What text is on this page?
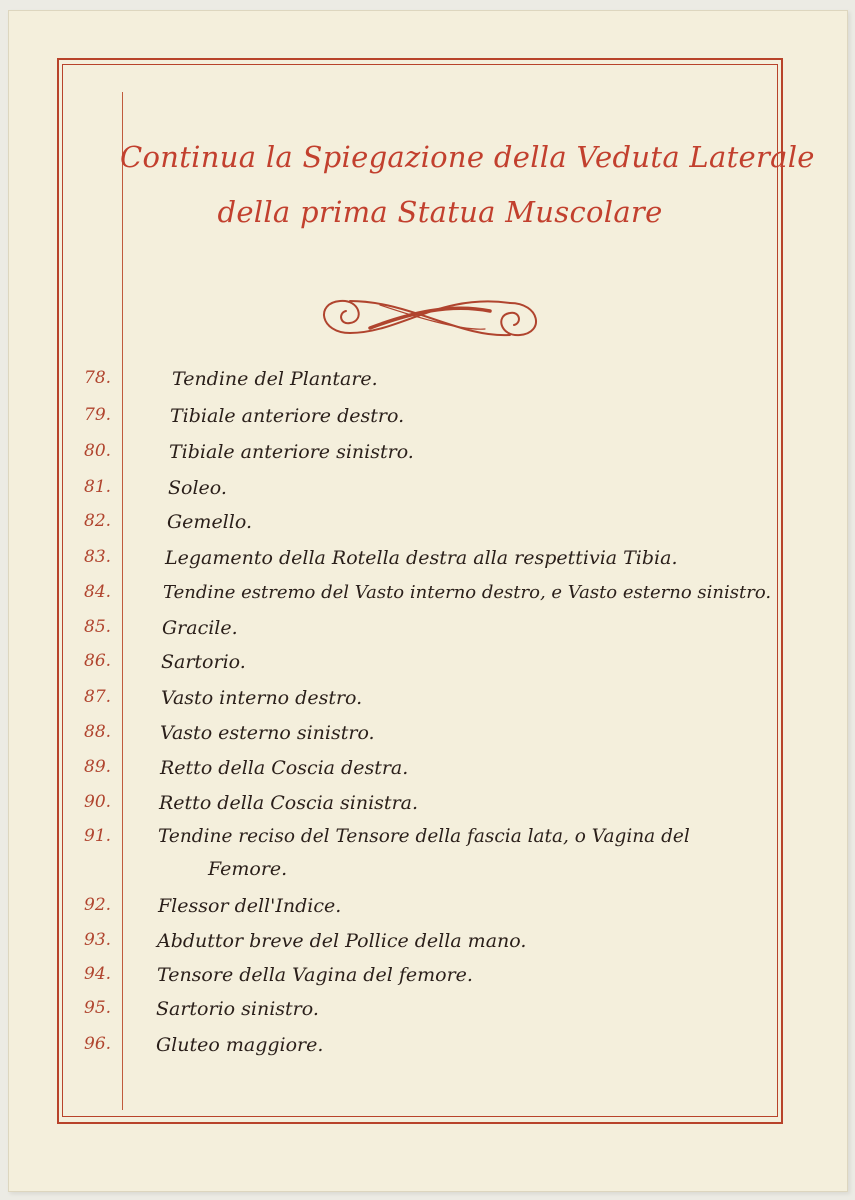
Continua la Spiegazione della Veduta Laterale
della prima Statua Muscolare
78.	Tendine del Plantare.
79.	Tibiale anteriore destro.
80.	Tibiale anteriore sinistro.
81.	Soleo.
82.	Gemello.
83.	Legamento della Rotella destra alla respettivia Tibia.
84.	Tendine estremo del Vasto interno destro, e Vasto esterno sinistro.
85.	Gracile.
86.	Sartorio.
87.	Vasto interno destro.
88.	Vasto esterno sinistro.
89.	Retto della Coscia destra.
90.	Retto della Coscia sinistra.
91.	Tendine reciso del Tensore della fascia lata, o Vagina del
Femore.
92. Flessor dell'Indice.
93. Abduttor breve del Pollice della mano.
94. Tensore della Vagina del femore.
95. Sartorio sinistro.
96. Gluteo maggiore.
